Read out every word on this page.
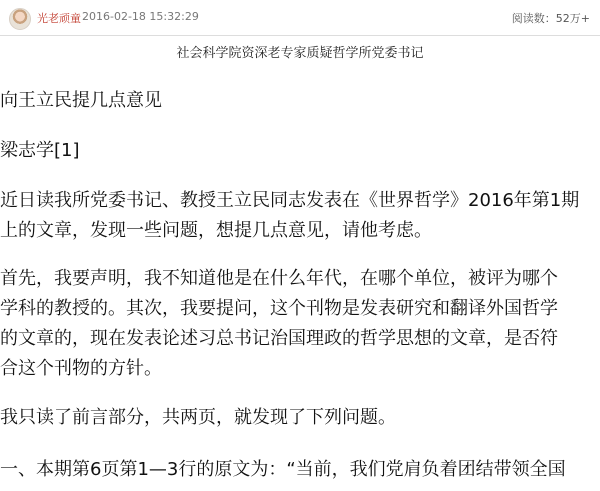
光老顽童 2016-02-18 15:32:29	阅读数：52万+
社会科学院资深老专家质疑哲学所党委书记
向王立民提几点意见
梁志学[1]
近日读我所党委书记、教授王立民同志发表在《世界哲学》2016年第1期
上的文章，发现一些问题，想提几点意见，请他考虑。
首先，我要声明，我不知道他是在什么年代，在哪个单位，被评为哪个
学科的教授的。其次，我要提问，这个刊物是发表研究和翻译外国哲学
的文章的，现在发表论述习总书记治国理政的哲学思想的文章，是否符
合这个刊物的方针。
我只读了前言部分，共两页，就发现了下列问题。
一、本期第6页第1—3行的原文为：“当前，我们党肩负着团结带领全国
